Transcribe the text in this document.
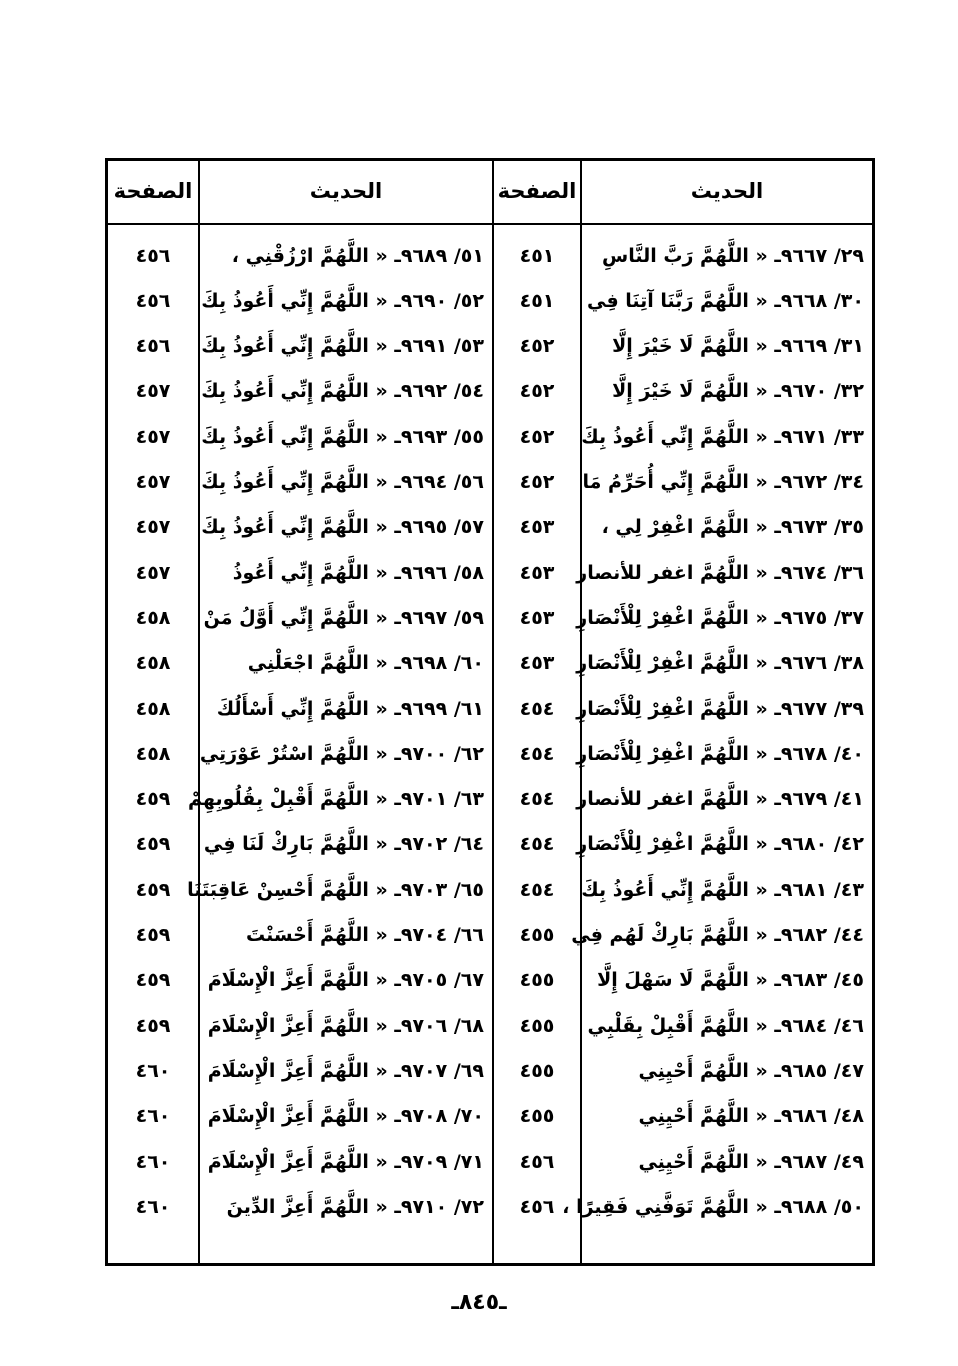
الصفحة	الحديث	الصفحة	الحديث
٤٥٦	٥١/ ٩٦٨٩ـ « اللَّهُمَّ ارْزُقْنِي ،	٤٥١	٢٩/ ٩٦٦٧ـ « اللَّهُمَّ رَبَّ النَّاسِ
٤٥٦	٥٢/ ٩٦٩٠ـ « اللَّهُمَّ إِنِّي أَعُوذُ بِكَ	٤٥١	٣٠/ ٩٦٦٨ـ « اللَّهُمَّ رَبَّنَا آتِنَا فِي
٤٥٦	٥٣/ ٩٦٩١ـ « اللَّهُمَّ إِنِّي أَعُوذُ بِكَ	٤٥٢	٣١/ ٩٦٦٩ـ « اللَّهُمَّ لَا خَيْرَ إِلَّا
٤٥٧	٥٤/ ٩٦٩٢ـ « اللَّهُمَّ إِنِّي أَعُوذُ بِكَ	٤٥٢	٣٢/ ٩٦٧٠ـ « اللَّهُمَّ لَا خَيْرَ إِلَّا
٤٥٧	٥٥/ ٩٦٩٣ـ « اللَّهُمَّ إِنِّي أَعُوذُ بِكَ	٤٥٢	٣٣/ ٩٦٧١ـ « اللَّهُمَّ إِنِّي أَعُوذُ بِكَ
٤٥٧	٥٦/ ٩٦٩٤ـ « اللَّهُمَّ إِنِّي أَعُوذُ بِكَ	٤٥٢	٣٤/ ٩٦٧٢ـ « اللَّهُمَّ إِنِّي أُحَرِّمُ مَا
٤٥٧	٥٧/ ٩٦٩٥ـ « اللَّهُمَّ إِنِّي أَعُوذُ بِكَ	٤٥٣	٣٥/ ٩٦٧٣ـ « اللَّهُمَّ اغْفِرْ لِي ،
٤٥٧	٥٨/ ٩٦٩٦ـ « اللَّهُمَّ إِنِّي أَعُوذُ	٤٥٣	٣٦/ ٩٦٧٤ـ « اللَّهُمَّ اغفر للأنصار
٤٥٨	٥٩/ ٩٦٩٧ـ « اللَّهُمَّ إِنِّي أَوَّلُ مَنْ	٤٥٣	٣٧/ ٩٦٧٥ـ « اللَّهُمَّ اغْفِرْ لِلْأَنْصَارِ
٤٥٨	٦٠/ ٩٦٩٨ـ « اللَّهُمَّ اجْعَلْنِي	٤٥٣	٣٨/ ٩٦٧٦ـ « اللَّهُمَّ اغْفِرْ لِلْأَنْصَارِ
٤٥٨	٦١/ ٩٦٩٩ـ « اللَّهُمَّ إِنِّي أَسْأَلُكَ	٤٥٤	٣٩/ ٩٦٧٧ـ « اللَّهُمَّ اغْفِرْ لِلْأَنْصَارِ
٤٥٨	٦٢/ ٩٧٠٠ـ « اللَّهُمَّ اسْتُرْ عَوْرَتِي	٤٥٤	٤٠/ ٩٦٧٨ـ « اللَّهُمَّ اغْفِرْ لِلْأَنْصَارِ
٤٥٩ ٦٣/ ٩٧٠١ـ « اللَّهُمَّ أَقْبِلْ بِقُلُوبِهِمْ	٤٥٤	٤١/ ٩٦٧٩ـ « اللَّهُمَّ اغفر للأنصار
٤٥٩	٦٤/ ٩٧٠٢ـ « اللَّهُمَّ بَارِكْ لَنَا فِي	٤٥٤	٤٢/ ٩٦٨٠ـ « اللَّهُمَّ اغْفِرْ لِلْأَنْصَارِ
٤٥٩ ٦٥/ ٩٧٠٣ـ « اللَّهُمَّ أَحْسِنْ عَاقِبَتَنَا	٤٥٤	٤٣/ ٩٦٨١ـ « اللَّهُمَّ إِنِّي أَعُوذُ بِكَ
٤٥٩	٦٦/ ٩٧٠٤ـ « اللَّهُمَّ أَحْسَنْتَ	٤٥٥ ٤٤/ ٩٦٨٢ـ « اللَّهُمَّ بَارِكْ لَهُم فِي
٤٥٩	٦٧/ ٩٧٠٥ـ « اللَّهُمَّ أَعِزَّ الْإِسْلَامَ	٤٥٥	٤٥/ ٩٦٨٣ـ « اللَّهُمَّ لَا سَهْلَ إِلَّا
٤٥٩	٦٨/ ٩٧٠٦ـ « اللَّهُمَّ أَعِزَّ الْإِسْلَامَ	٤٥٥	٤٦/ ٩٦٨٤ـ « اللَّهُمَّ أَقْبِلْ بِقَلْبِي
٤٦٠	٦٩/ ٩٧٠٧ـ « اللَّهُمَّ أَعِزَّ الْإِسْلَامَ	٤٥٥	٤٧/ ٩٦٨٥ـ « اللَّهُمَّ أَحْيِنِي
٤٦٠	٧٠/ ٩٧٠٨ـ « اللَّهُمَّ أَعِزَّ الْإِسْلَامَ	٤٥٥	٤٨/ ٩٦٨٦ـ « اللَّهُمَّ أَحْيِنِي
٤٦٠	٧١/ ٩٧٠٩ـ « اللَّهُمَّ أَعِزَّ الْإِسْلَامَ	٤٥٦	٤٩/ ٩٦٨٧ـ « اللَّهُمَّ أَحْيِنِي
٤٦٠	٧٢/ ٩٧١٠ـ « اللَّهُمَّ أَعِزَّ الدِّينَ	٤٥٦ ٥٠/ ٩٦٨٨ـ « اللَّهُمَّ تَوَفَّنِي فَقِيرًا ،
ـ٨٤٥ـ
